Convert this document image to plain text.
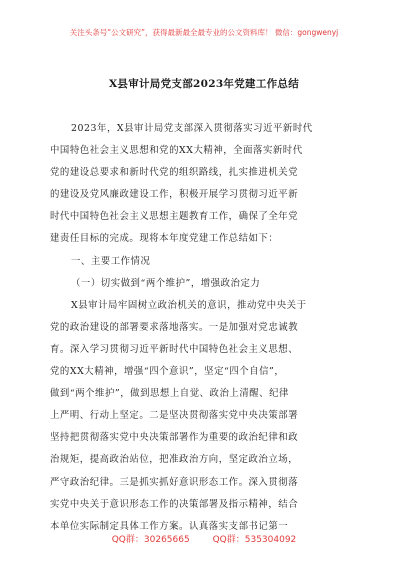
关注头条号“公文研究”，获得最新最全最专业的公文资料库！ 微信：gongwenyj
X县审计局党支部2023年党建工作总结
2023年，X县审计局党支部深入贯彻落实习近平新时代
中国特色社会主义思想和党的XX大精神，全面落实新时代
党的建设总要求和新时代党的组织路线，扎实推进机关党
的建设及党风廉政建设工作，积极开展学习贯彻习近平新
时代中国特色社会主义思想主题教育工作，确保了全年党
建责任目标的完成。现将本年度党建工作总结如下：
一、主要工作情况
（一）切实做到“两个维护”，增强政治定力
X县审计局牢固树立政治机关的意识，推动党中央关于
党的政治建设的部署要求落地落实。一是加强对党忠诚教
育。深入学习贯彻习近平新时代中国特色社会主义思想、
党的XX大精神，增强“四个意识”，坚定“四个自信”，
做到“两个维护”，做到思想上自觉、政治上清醒、纪律
上严明、行动上坚定。二是坚决贯彻落实党中央决策部署
坚持把贯彻落实党中央决策部署作为重要的政治纪律和政
治规矩，提高政治站位，把准政治方向，坚定政治立场，
严守政治纪律。三是抓实抓好意识形态工作。深入贯彻落
实党中央关于意识形态工作的决策部署及指示精神，结合
本单位实际制定具体工作方案。认真落实支部书记第一
QQ群：30265665	QQ群：535304092
